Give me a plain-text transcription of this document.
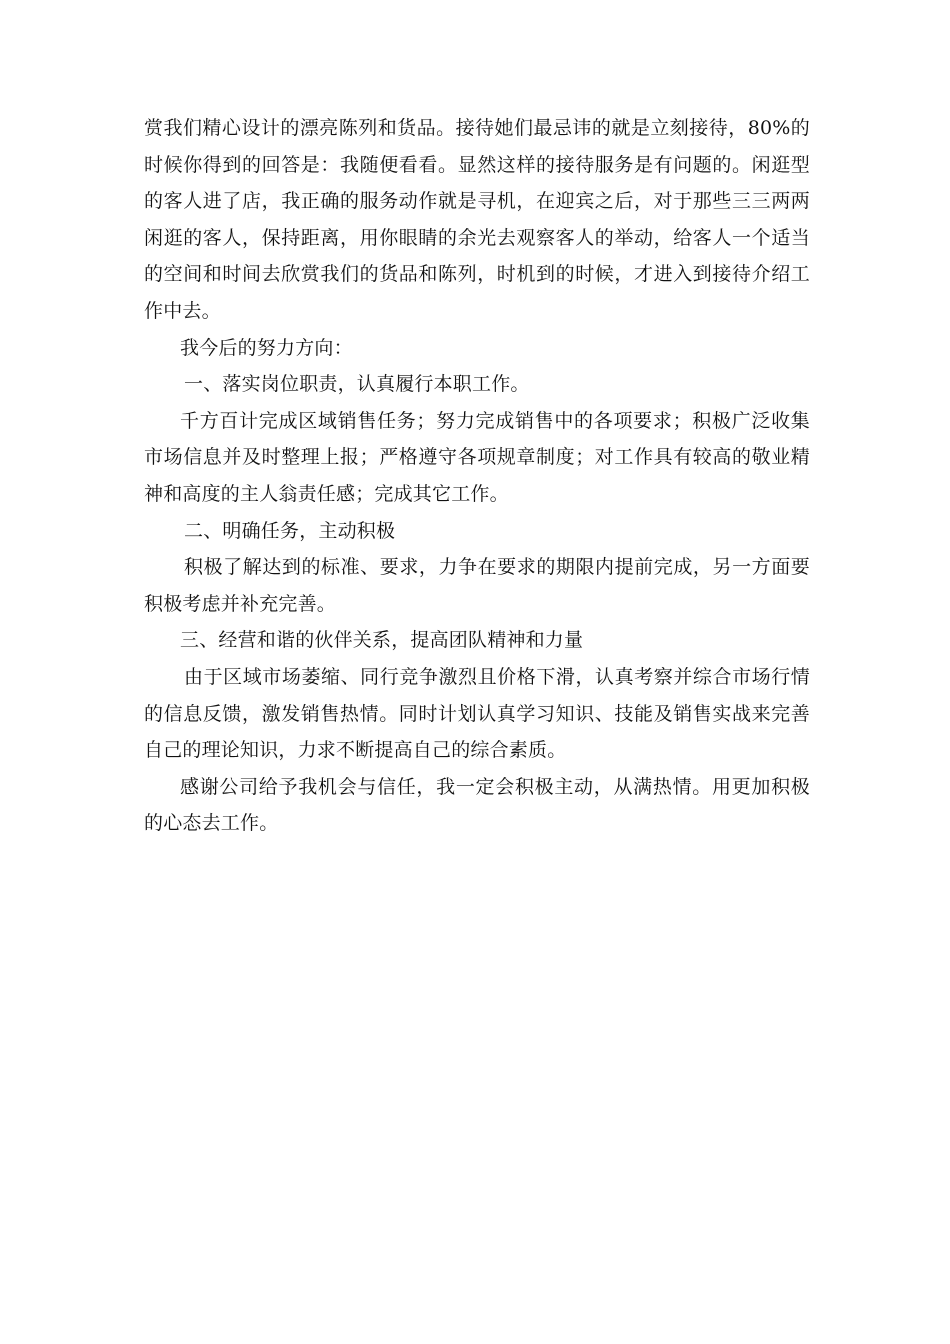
赏我们精心设计的漂亮陈列和货品。接待她们最忌讳的就是立刻接待，80%的时候你得到的回答是：我随便看看。显然这样的接待服务是有问题的。闲逛型的客人进了店，我正确的服务动作就是寻机，在迎宾之后，对于那些三三两两闲逛的客人，保持距离，用你眼睛的余光去观察客人的举动，给客人一个适当的空间和时间去欣赏我们的货品和陈列，时机到的时候，才进入到接待介绍工作中去。

我今后的努力方向：

一、落实岗位职责，认真履行本职工作。

千方百计完成区域销售任务；努力完成销售中的各项要求；积极广泛收集市场信息并及时整理上报；严格遵守各项规章制度；对工作具有较高的敬业精神和高度的主人翁责任感；完成其它工作。

二、明确任务，主动积极

积极了解达到的标准、要求，力争在要求的期限内提前完成，另一方面要积极考虑并补充完善。

三、经营和谐的伙伴关系，提高团队精神和力量

由于区域市场萎缩、同行竞争激烈且价格下滑，认真考察并综合市场行情的信息反馈，激发销售热情。同时计划认真学习知识、技能及销售实战来完善自己的理论知识，力求不断提高自己的综合素质。

感谢公司给予我机会与信任，我一定会积极主动，从满热情。用更加积极的心态去工作。
